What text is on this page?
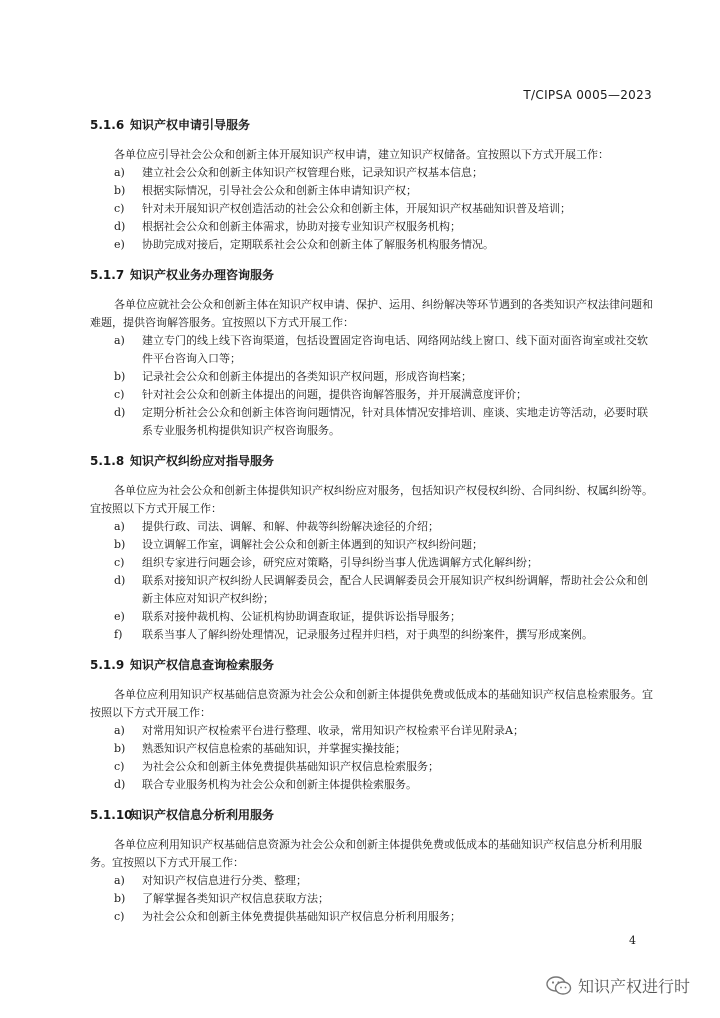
T/CIPSA 0005—2023
5.1.6 知识产权申请引导服务

各单位应引导社会公众和创新主体开展知识产权申请，建立知识产权储备。宜按照以下方式开展工作：

a)	建立社会公众和创新主体知识产权管理台账，记录知识产权基本信息；
b)	根据实际情况，引导社会公众和创新主体申请知识产权；
c)	针对未开展知识产权创造活动的社会公众和创新主体，开展知识产权基础知识普及培训；
d)	根据社会公众和创新主体需求，协助对接专业知识产权服务机构；
e)	协助完成对接后，定期联系社会公众和创新主体了解服务机构服务情况。
5.1.7 知识产权业务办理咨询服务

各单位应就社会公众和创新主体在知识产权申请、保护、运用、纠纷解决等环节遇到的各类知识产权法律问题和难题，提供咨询解答服务。宜按照以下方式开展工作：

a)	建立专门的线上线下咨询渠道，包括设置固定咨询电话、网络网站线上窗口、线下面对面咨询室或社交软件平台咨询入口等；
b)	记录社会公众和创新主体提出的各类知识产权问题，形成咨询档案；
c)	针对社会公众和创新主体提出的问题，提供咨询解答服务，并开展满意度评价；
d)	定期分析社会公众和创新主体咨询问题情况，针对具体情况安排培训、座谈、实地走访等活动，必要时联系专业服务机构提供知识产权咨询服务。
5.1.8 知识产权纠纷应对指导服务

各单位应为社会公众和创新主体提供知识产权纠纷应对服务，包括知识产权侵权纠纷、合同纠纷、权属纠纷等。宜按照以下方式开展工作：

a)	提供行政、司法、调解、和解、仲裁等纠纷解决途径的介绍；
b)	设立调解工作室，调解社会公众和创新主体遇到的知识产权纠纷问题；
c)	组织专家进行问题会诊，研究应对策略，引导纠纷当事人优选调解方式化解纠纷；
d)	联系对接知识产权纠纷人民调解委员会，配合人民调解委员会开展知识产权纠纷调解，帮助社会公众和创新主体应对知识产权纠纷；
e)	联系对接仲裁机构、公证机构协助调查取证，提供诉讼指导服务；
f)	联系当事人了解纠纷处理情况，记录服务过程并归档，对于典型的纠纷案件，撰写形成案例。
5.1.9 知识产权信息查询检索服务

各单位应利用知识产权基础信息资源为社会公众和创新主体提供免费或低成本的基础知识产权信息检索服务。宜按照以下方式开展工作：

a)	对常用知识产权检索平台进行整理、收录，常用知识产权检索平台详见附录A；
b)	熟悉知识产权信息检索的基础知识，并掌握实操技能；
c)	为社会公众和创新主体免费提供基础知识产权信息检索服务；
d)	联合专业服务机构为社会公众和创新主体提供检索服务。
5.1.10知识产权信息分析利用服务

各单位应利用知识产权基础信息资源为社会公众和创新主体提供免费或低成本的基础知识产权信息分析利用服务。宜按照以下方式开展工作：

a)	对知识产权信息进行分类、整理；
b)	了解掌握各类知识产权信息获取方法；
c)	为社会公众和创新主体免费提供基础知识产权信息分析利用服务；
4
知识产权进行时
